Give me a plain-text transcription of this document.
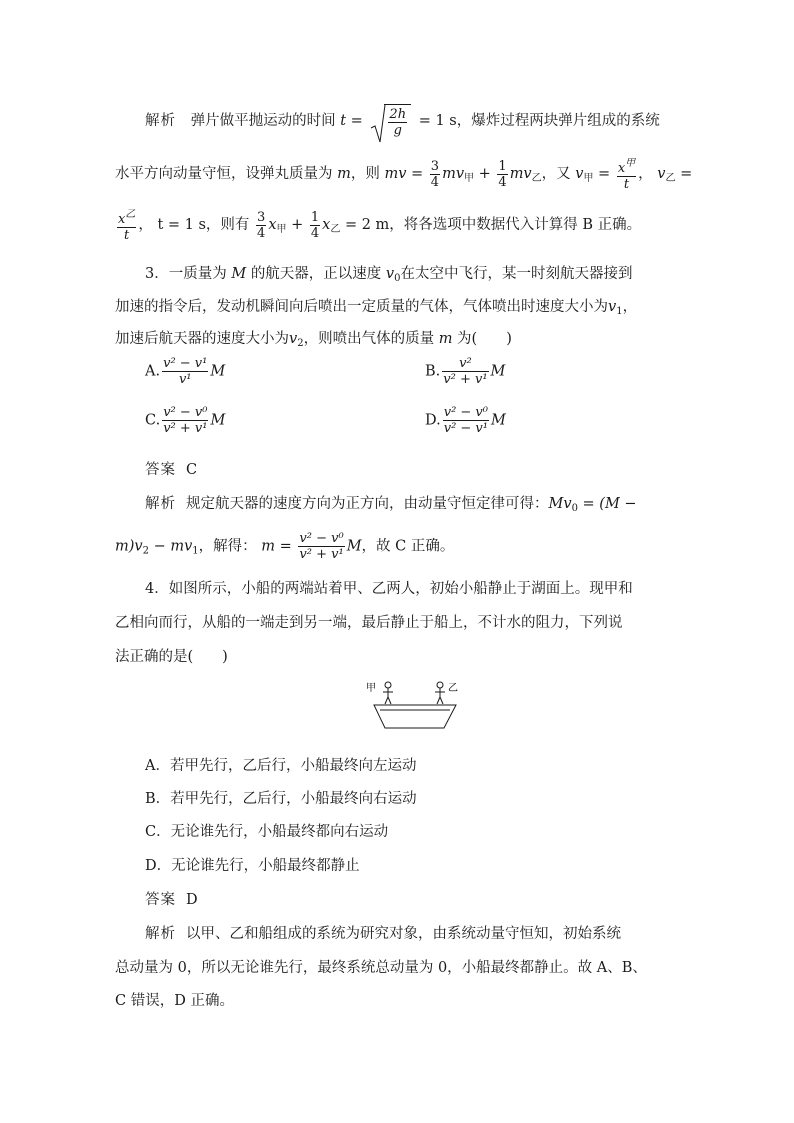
解析 弹片做平抛运动的时间 $t = \frac{2h}{g} = 1$ s，爆炸过程两块弹片组成的系统
水平方向动量守恒，设弹丸质量为 m，则 mv = $\frac{3}{4} mv_甲 + \frac{1}{4} mv_乙$，又 $v_甲 = \frac{x^甲}{t}$ ， $v_乙$ =
$\frac{x^乙}{t}$ ， t = 1 s，则有 $\frac{3}{4} x_甲 + \frac{1}{4} x_乙 = 2$ m，将各选项中数据代入计算得 B 正确。
3．一质量为 M 的航天器，正以速度 $v_0$在太空中飞行，某一时刻航天器接到
加速的指令后，发动机瞬间向后喷出一定质量的气体，气体喷出时速度大小为$v_1$，
加速后航天器的速度大小为$v_2$，则喷出气体的质量 m 为(　　)
A. $\frac{\text{v² − v¹}}{\text{v¹}}$ M	B. $\frac{\text{v²}}{\text{v² + v¹}}$ M
C. $\frac{\text{v² − v⁰}}{\text{v² + v¹}}$ M	D. $\frac{\text{v² − v⁰}}{\text{v² − v¹}}$ M
答案 C
解析 规定航天器的速度方向为正方向，由动量守恒定律可得：$Mv_0 = (M$ −
$m)v_2 - mv_1$，解得： $m = \frac{\text{v² − v⁰}}{\text{v² + v¹}}$ M，故 C 正确。
4．如图所示，小船的两端站着甲、乙两人，初始小船静止于湖面上。现甲和
乙相向而行，从船的一端走到另一端，最后静止于船上，不计水的阻力，下列说
法正确的是(　　)
甲	乙
A．若甲先行，乙后行，小船最终向左运动
B．若甲先行，乙后行，小船最终向右运动
C．无论谁先行，小船最终都向右运动
D．无论谁先行，小船最终都静止
答案 D
解析 以甲、乙和船组成的系统为研究对象，由系统动量守恒知，初始系统
总动量为 0，所以无论谁先行，最终系统总动量为 0，小船最终都静止。故 A、B、
C 错误，D 正确。
